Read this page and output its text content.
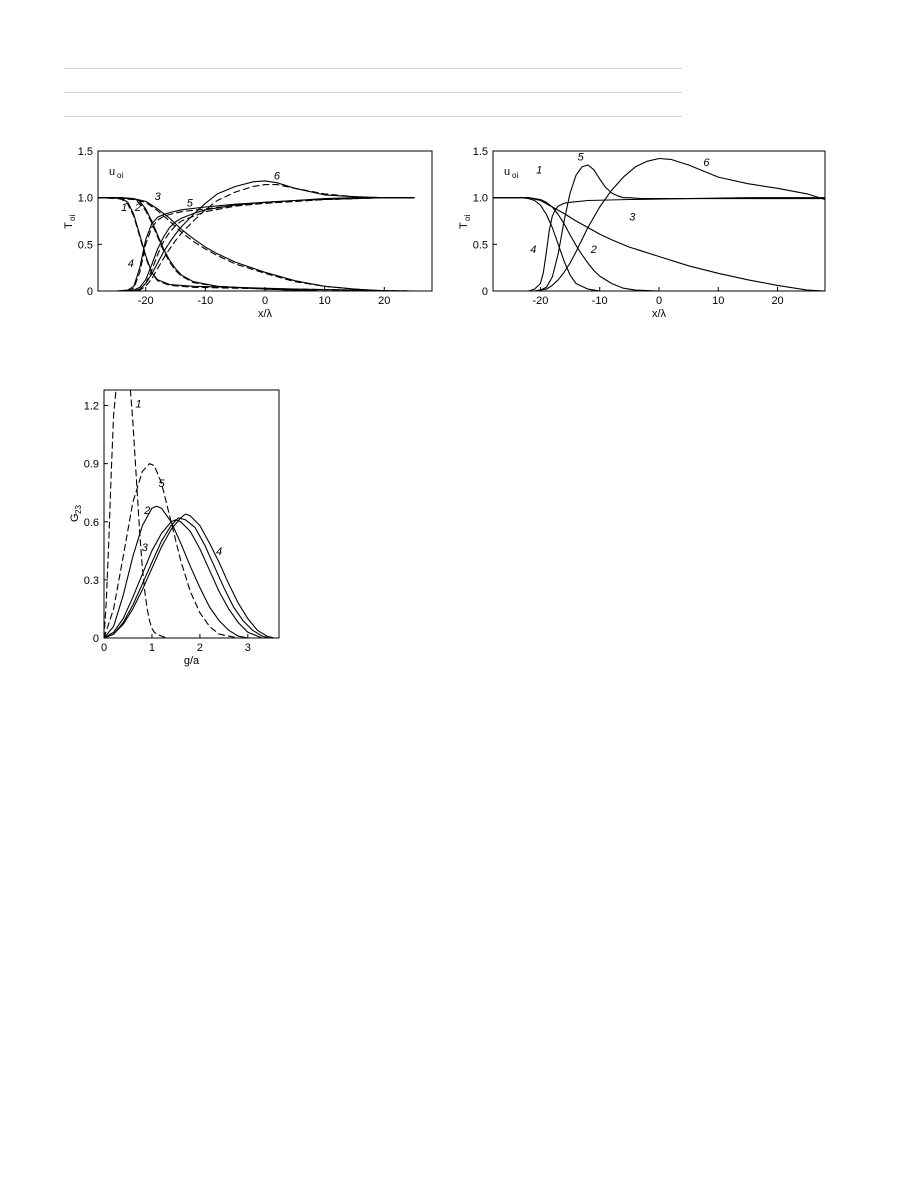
-20	-10	0	10	20
0
0.5
1.0
1.5
x/λ
T
oi
u oi
1 2
3
4
5
6
-20	-10	0	10	20
0
0.5
1.0
1.5
x/λ
T
oi
u oi 1
2
3
4
5	6
0	1	2	3
0
0.3
0.6
0.9
1.2
g/a
G
23
1
2
3	4
5
